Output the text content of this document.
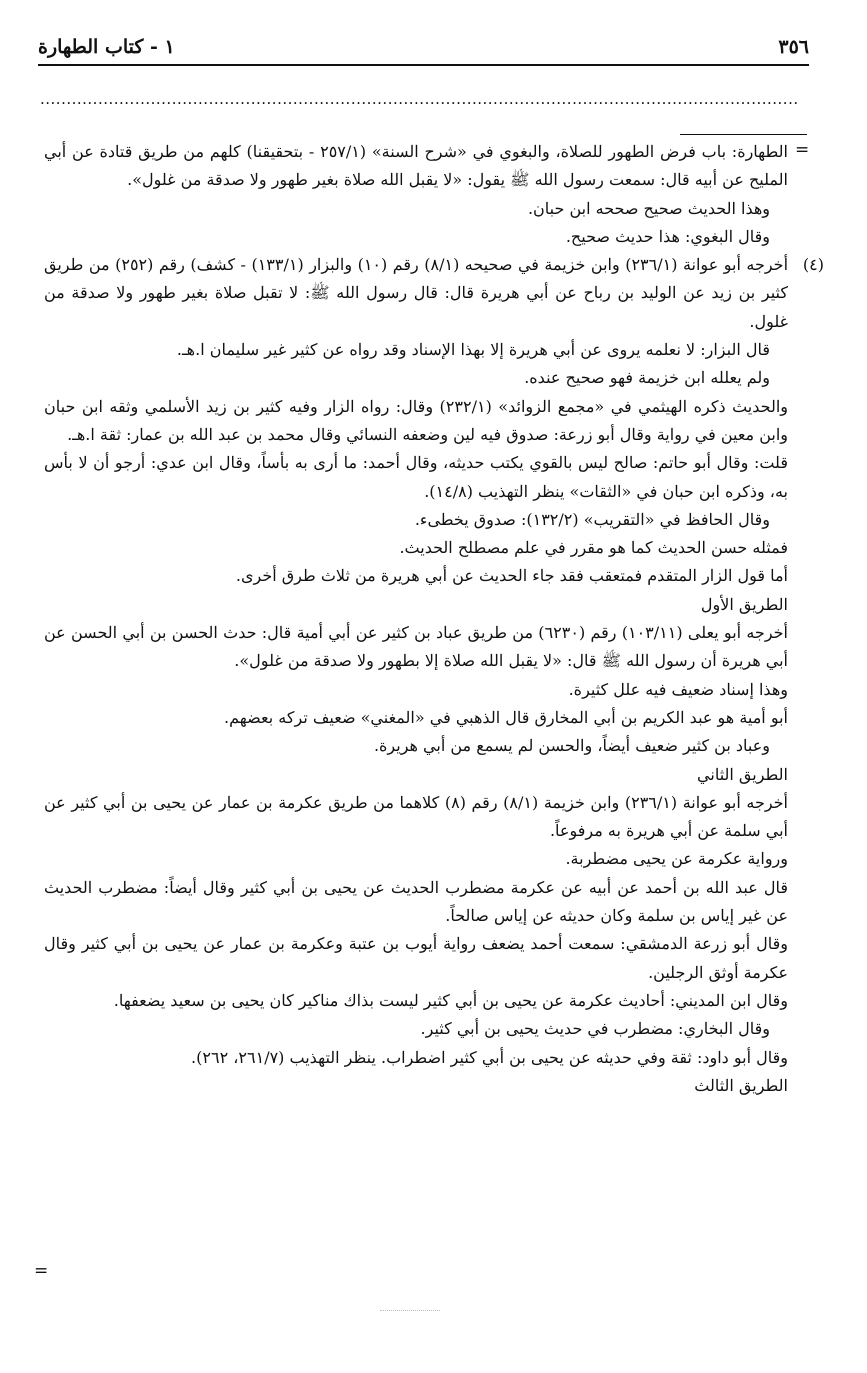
٣٥٦
١ - كتاب الطهارة
................................................................................................................................................
=

الطهارة: باب فرض الطهور للصلاة، والبغوي في «شرح السنة» (٢٥٧/١ - بتحقيقنا) كلهم من طريق قتادة عن أبي المليح عن أبيه قال: سمعت رسول الله ﷺ يقول: «لا يقبل الله صلاة بغير طهور ولا صدقة من غلول».

وهذا الحديث صحيح صححه ابن حبان.

وقال البغوي: هذا حديث صحيح.

(٤)

أخرجه أبو عوانة (٢٣٦/١) وابن خزيمة في صحيحه (٨/١) رقم (١٠) والبزار (١٣٣/١) - كشف) رقم (٢٥٢) من طريق كثير بن زيد عن الوليد بن رباح عن أبي هريرة قال: قال رسول الله ﷺ: لا تقبل صلاة بغير طهور ولا صدقة من غلول.

قال البزار: لا نعلمه يروى عن أبي هريرة إلا بهذا الإسناد وقد رواه عن كثير غير سليمان ا.هـ.

ولم يعلله ابن خزيمة فهو صحيح عنده.

والحديث ذكره الهيثمي في «مجمع الزوائد» (٢٣٢/١) وقال: رواه الزار وفيه كثير بن زيد الأسلمي وثقه ابن حبان وابن معين في رواية وقال أبو زرعة: صدوق فيه لين وضعفه النسائي وقال محمد بن عبد الله بن عمار: ثقة ا.هـ.

قلت: وقال أبو حاتم: صالح ليس بالقوي يكتب حديثه، وقال أحمد: ما أرى به بأساً، وقال ابن عدي: أرجو أن لا بأس به، وذكره ابن حبان في «الثقات» ينظر التهذيب (١٤/٨).

وقال الحافظ في «التقريب» (١٣٢/٢): صدوق يخطىء.

فمثله حسن الحديث كما هو مقرر في علم مصطلح الحديث.

أما قول الزار المتقدم فمتعقب فقد جاء الحديث عن أبي هريرة من ثلاث طرق أخرى.

الطريق الأول

أخرجه أبو يعلى (١٠٣/١١) رقم (٦٢٣٠) من طريق عباد بن كثير عن أبي أمية قال: حدث الحسن بن أبي الحسن عن أبي هريرة أن رسول الله ﷺ قال: «لا يقبل الله صلاة إلا بطهور ولا صدقة من غلول».

وهذا إسناد ضعيف فيه علل كثيرة.

أبو أمية هو عبد الكريم بن أبي المخارق قال الذهبي في «المغني» ضعيف تركه بعضهم.

وعباد بن كثير ضعيف أيضاً، والحسن لم يسمع من أبي هريرة.

الطريق الثاني

أخرجه أبو عوانة (٢٣٦/١) وابن خزيمة (٨/١) رقم (٨) كلاهما من طريق عكرمة بن عمار عن يحيى بن أبي كثير عن أبي سلمة عن أبي هريرة به مرفوعاً.

ورواية عكرمة عن يحيى مضطربة.

قال عبد الله بن أحمد عن أبيه عن عكرمة مضطرب الحديث عن يحيى بن أبي كثير وقال أيضاً: مضطرب الحديث عن غير إياس بن سلمة وكان حديثه عن إياس صالحاً.

وقال أبو زرعة الدمشقي: سمعت أحمد يضعف رواية أيوب بن عتبة وعكرمة بن عمار عن يحيى بن أبي كثير وقال عكرمة أوثق الرجلين.

وقال ابن المديني: أحاديث عكرمة عن يحيى بن أبي كثير ليست بذاك مناكير كان يحيى بن سعيد يضعفها.

وقال البخاري: مضطرب في حديث يحيى بن أبي كثير.

وقال أبو داود: ثقة وفي حديثه عن يحيى بن أبي كثير اضطراب. ينظر التهذيب (٢٦١/٧، ٢٦٢).

الطريق الثالث

=
